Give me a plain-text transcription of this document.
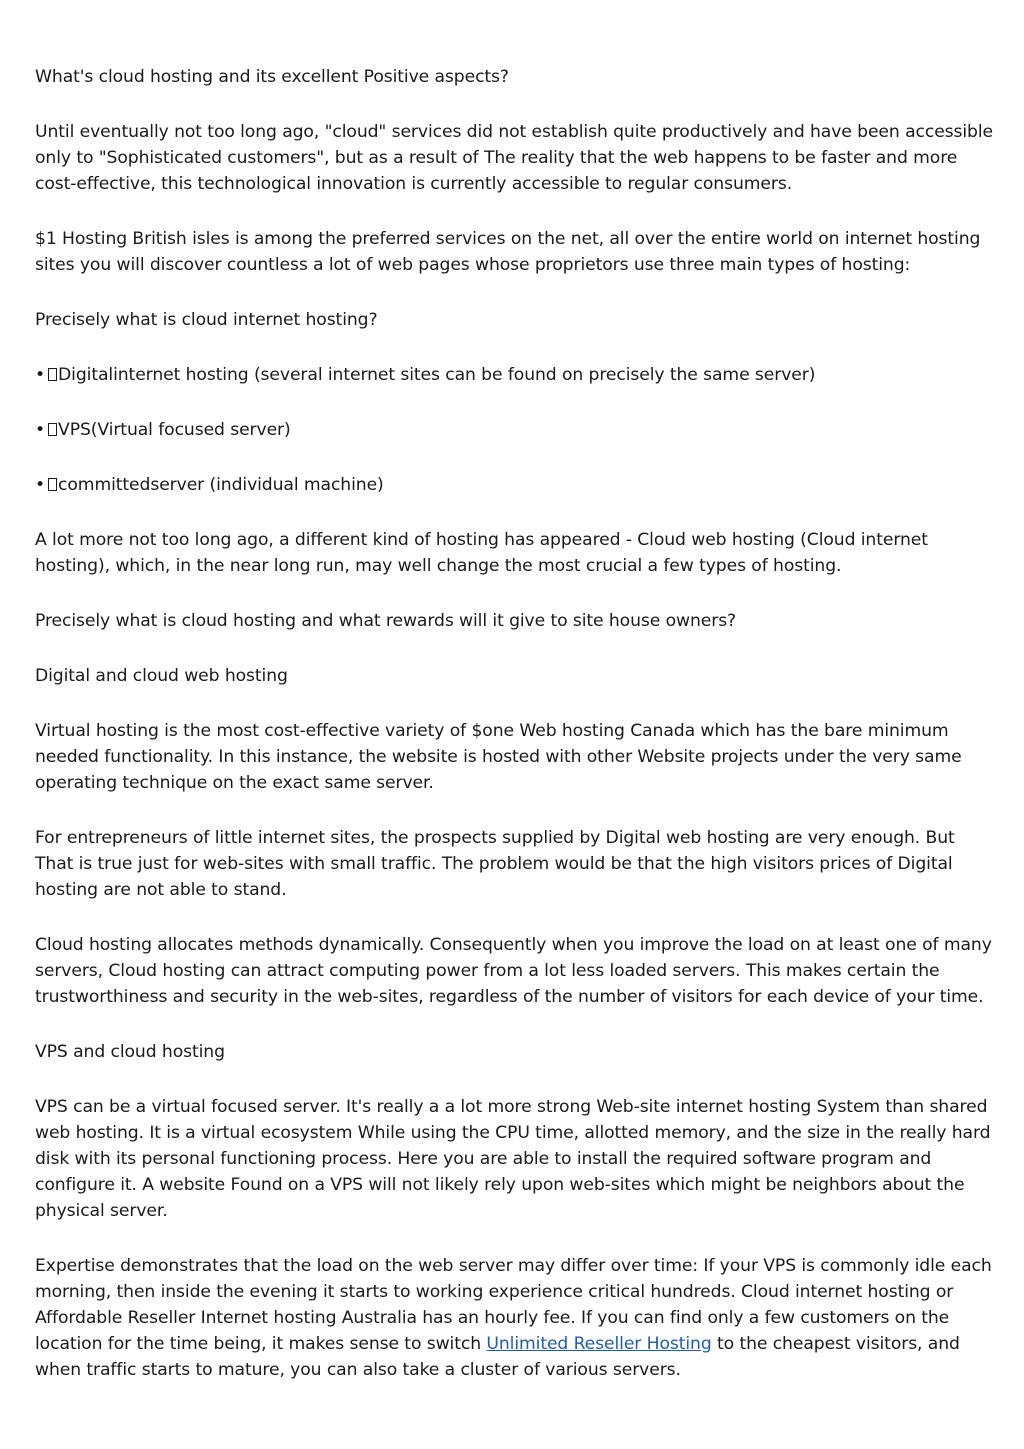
What's cloud hosting and its excellent Positive aspects?

Until eventually not too long ago, "cloud" services did not establish quite productively and have been accessible only to "Sophisticated customers", but as a result of The reality that the web happens to be faster and more cost-effective, this technological innovation is currently accessible to regular consumers.

$1 Hosting British isles is among the preferred services on the net, all over the entire world on internet hosting sites you will discover countless a lot of web pages whose proprietors use three main types of hosting:

Precisely what is cloud internet hosting?

• Digitalinternet hosting (several internet sites can be found on precisely the same server)

• VPS(Virtual focused server)

• committedserver (individual machine)

A lot more not too long ago, a different kind of hosting has appeared - Cloud web hosting (Cloud internet hosting), which, in the near long run, may well change the most crucial a few types of hosting.

Precisely what is cloud hosting and what rewards will it give to site house owners?

Digital and cloud web hosting

Virtual hosting is the most cost-effective variety of $one Web hosting Canada which has the bare minimum needed functionality. In this instance, the website is hosted with other Website projects under the very same operating technique on the exact same server.

For entrepreneurs of little internet sites, the prospects supplied by Digital web hosting are very enough. But That is true just for web-sites with small traffic. The problem would be that the high visitors prices of Digital hosting are not able to stand.

Cloud hosting allocates methods dynamically. Consequently when you improve the load on at least one of many servers, Cloud hosting can attract computing power from a lot less loaded servers. This makes certain the trustworthiness and security in the web-sites, regardless of the number of visitors for each device of your time.

VPS and cloud hosting

VPS can be a virtual focused server. It's really a a lot more strong Web-site internet hosting System than shared web hosting. It is a virtual ecosystem While using the CPU time, allotted memory, and the size in the really hard disk with its personal functioning process. Here you are able to install the required software program and configure it. A website Found on a VPS will not likely rely upon web-sites which might be neighbors about the physical server.

Expertise demonstrates that the load on the web server may differ over time: If your VPS is commonly idle each morning, then inside the evening it starts to working experience critical hundreds. Cloud internet hosting or Affordable Reseller Internet hosting Australia has an hourly fee. If you can find only a few customers on the location for the time being, it makes sense to switch Unlimited Reseller Hosting to the cheapest visitors, and when traffic starts to mature, you can also take a cluster of various servers.
